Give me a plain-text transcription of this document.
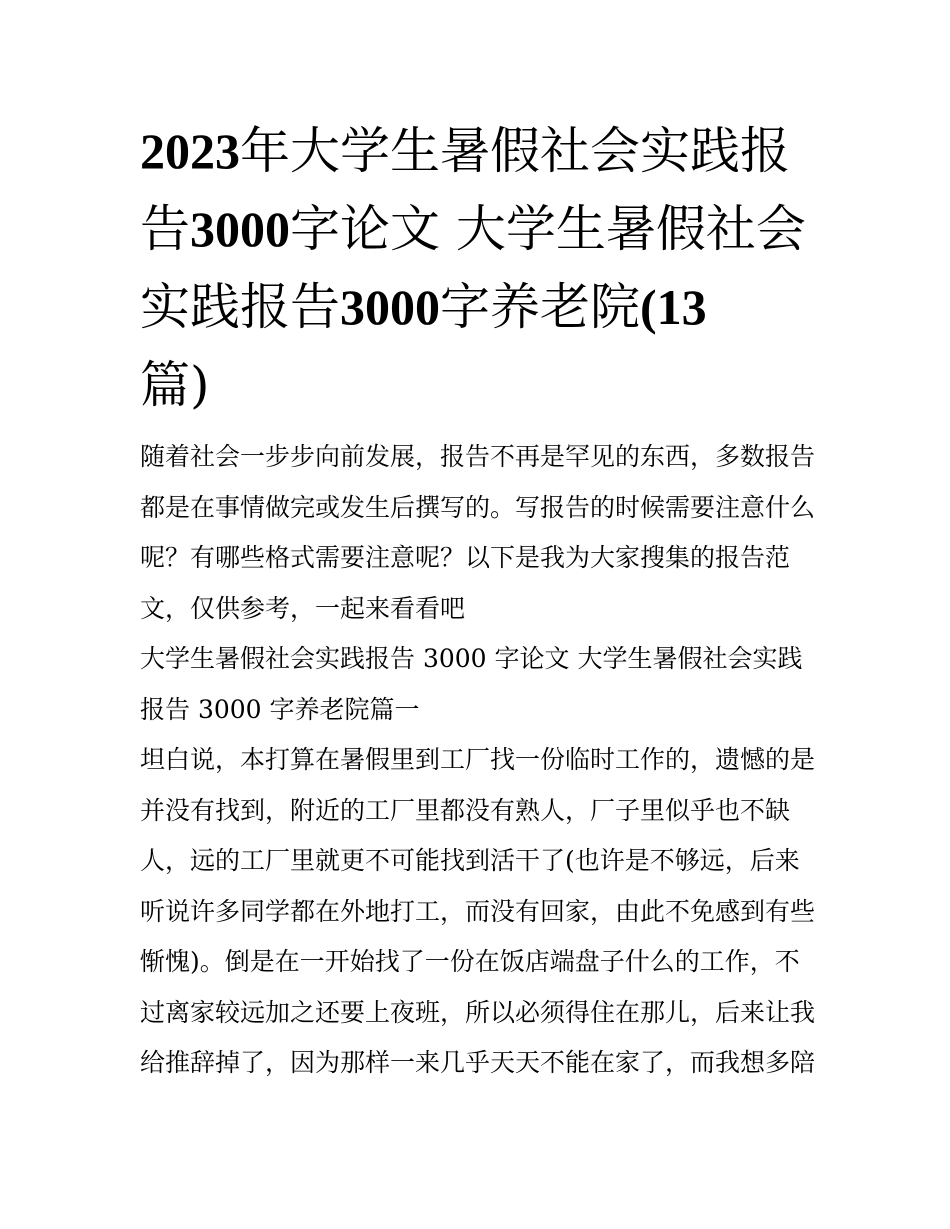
2023年大学生暑假社会实践报告3000字论文 大学生暑假社会实践报告3000字养老院(13
篇)

随着社会一步步向前发展，报告不再是罕见的东西，多数报告都是在事情做完或发生后撰写的。写报告的时候需要注意什么呢？有哪些格式需要注意呢？以下是我为大家搜集的报告范文，仅供参考，一起来看看吧

大学生暑假社会实践报告 3000 字论文 大学生暑假社会实践报告 3000 字养老院篇一

坦白说，本打算在暑假里到工厂找一份临时工作的，遗憾的是并没有找到，附近的工厂里都没有熟人，厂子里似乎也不缺人，远的工厂里就更不可能找到活干了(也许是不够远，后来听说许多同学都在外地打工，而没有回家，由此不免感到有些惭愧)。倒是在一开始找了一份在饭店端盘子什么的工作，不过离家较远加之还要上夜班，所以必须得住在那儿，后来让我给推辞掉了，因为那样一来几乎天天不能在家了，而我想多陪
